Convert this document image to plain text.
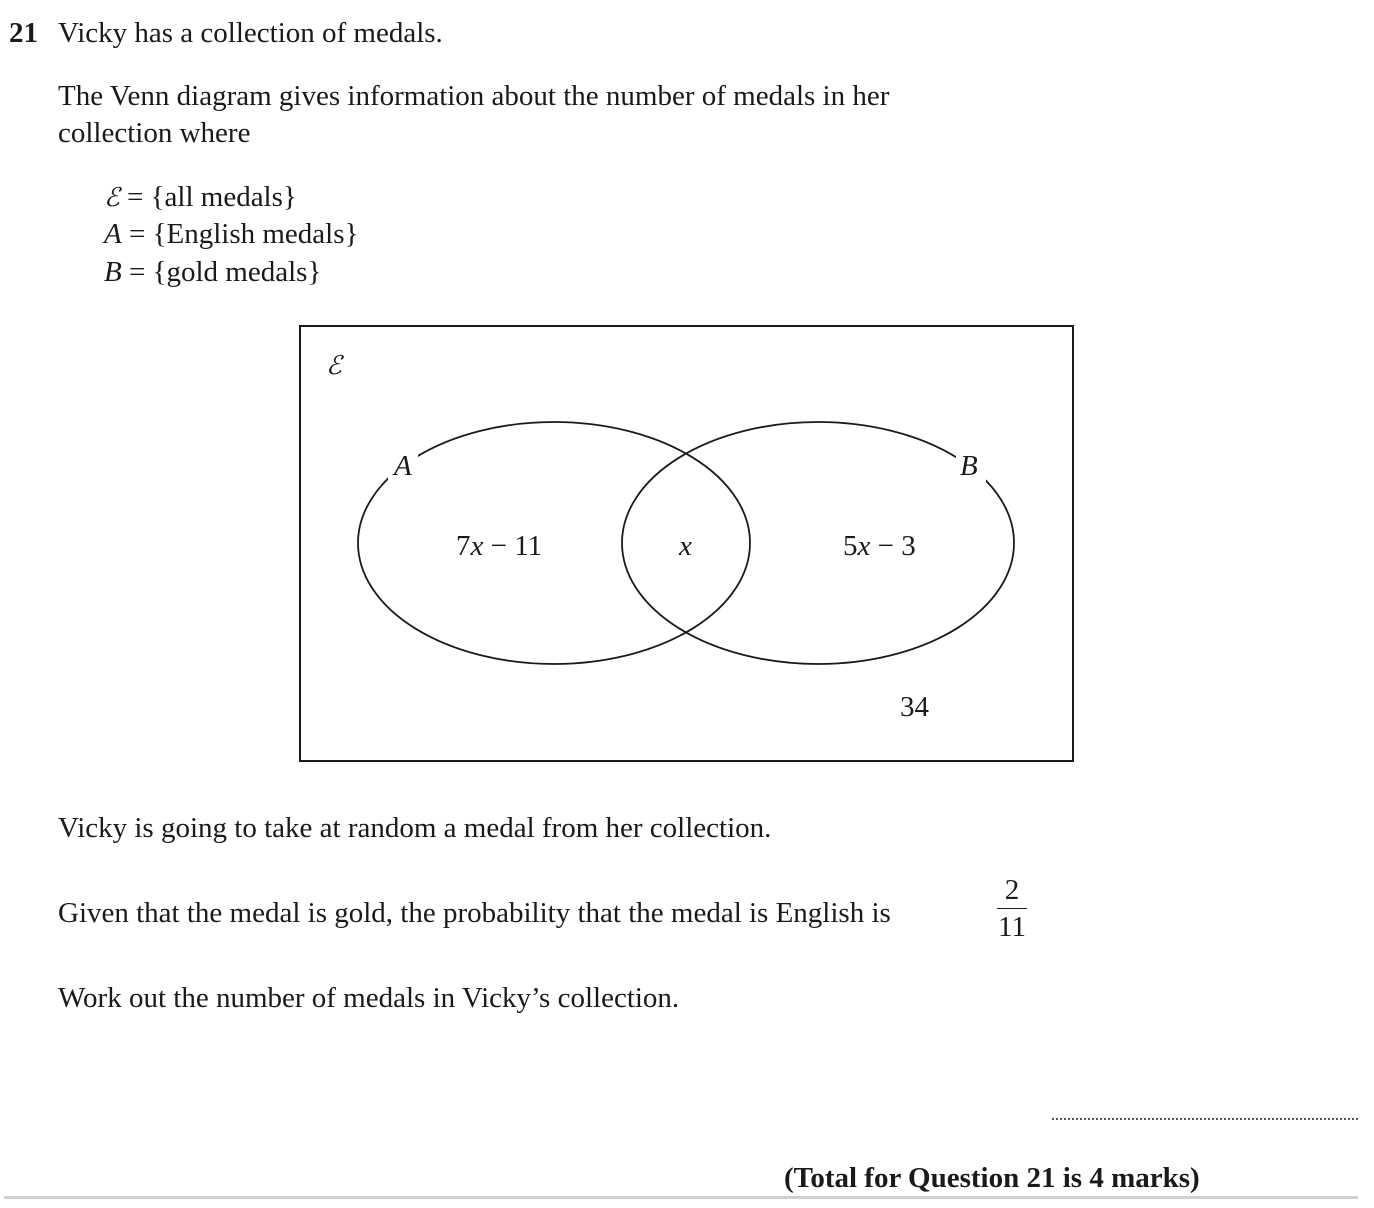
21 Vicky has a collection of medals.
The Venn diagram gives information about the number of medals in her
collection where
ℰ = {all medals}
A = {English medals}
B = {gold medals}
ℰ
A	B
7x − 11	x	5x − 3
34
Vicky is going to take at random a medal from her collection.
Given that the medal is gold, the probability that the medal is English is
2
11
Work out the number of medals in Vicky’s collection.
(Total for Question 21 is 4 marks)
